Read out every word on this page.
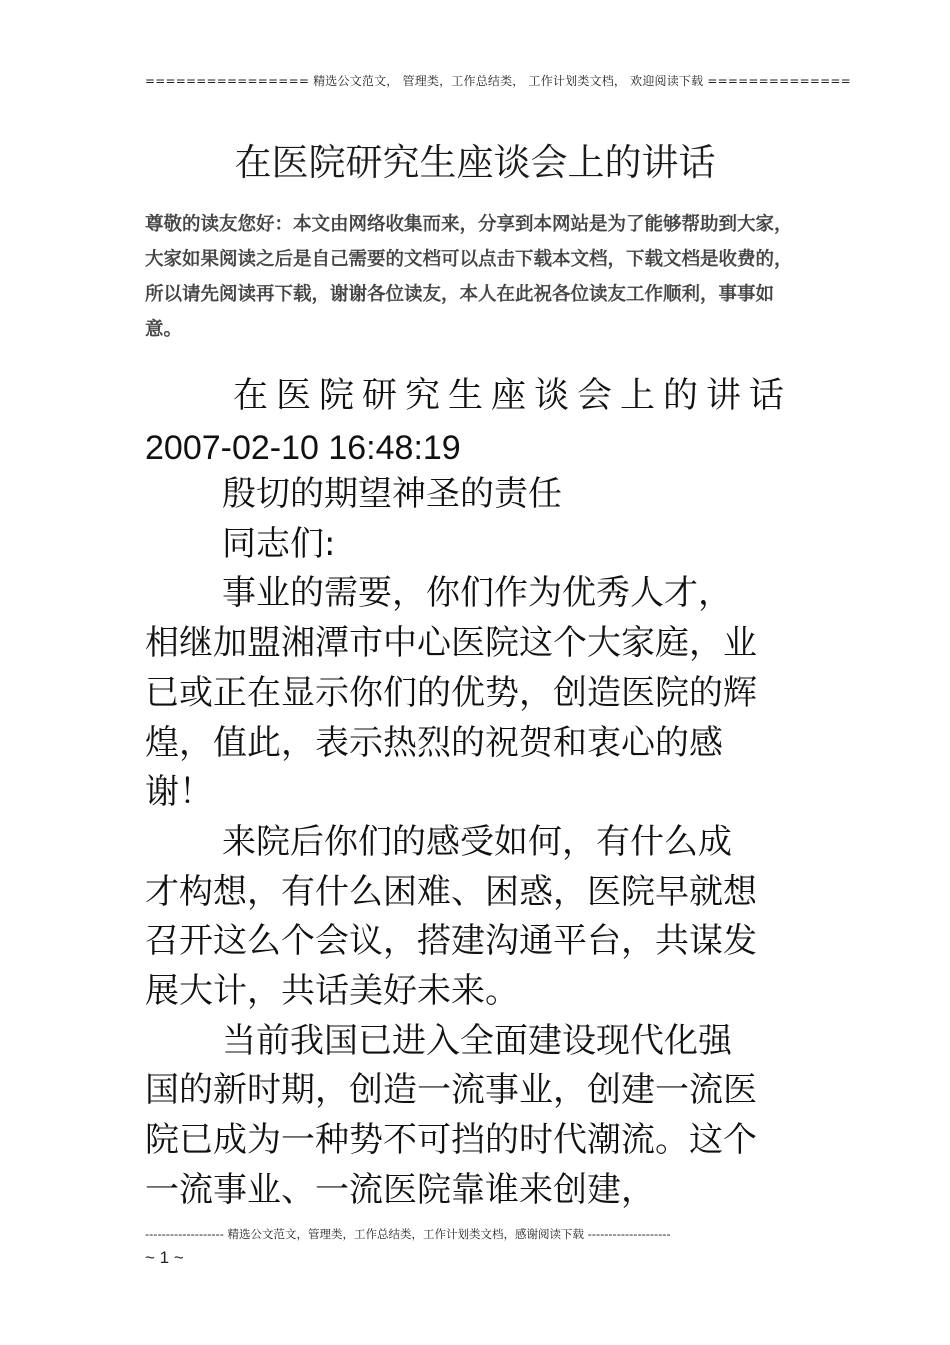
================ 精选公文范文， 管理类，工作总结类， 工作计划类文档， 欢迎阅读下载 ==============
在医院研究生座谈会上的讲话
尊敬的读友您好：本文由网络收集而来，分享到本网站是为了能够帮助到大家，大家如果阅读之后是自己需要的文档可以点击下载本文档，下载文档是收费的，所以请先阅读再下载，谢谢各位读友，本人在此祝各位读友工作顺利，事事如意。
在医院研究生座谈会上的讲话
2007-02-10 16:48:19

殷切的期望神圣的责任

同志们:

事业的需要，你们作为优秀人才，相继加盟湘潭市中心医院这个大家庭，业已或正在显示你们的优势，创造医院的辉煌，值此，表示热烈的祝贺和衷心的感谢！

来院后你们的感受如何，有什么成才构想，有什么困难、困惑，医院早就想召开这么个会议，搭建沟通平台，共谋发展大计，共话美好未来。

当前我国已进入全面建设现代化强国的新时期，创造一流事业，创建一流医院已成为一种势不可挡的时代潮流。这个一流事业、一流医院靠谁来创建，

------------------- 精选公文范文，管理类，工作总结类，工作计划类文档，感谢阅读下载 --------------------
~ 1 ~
